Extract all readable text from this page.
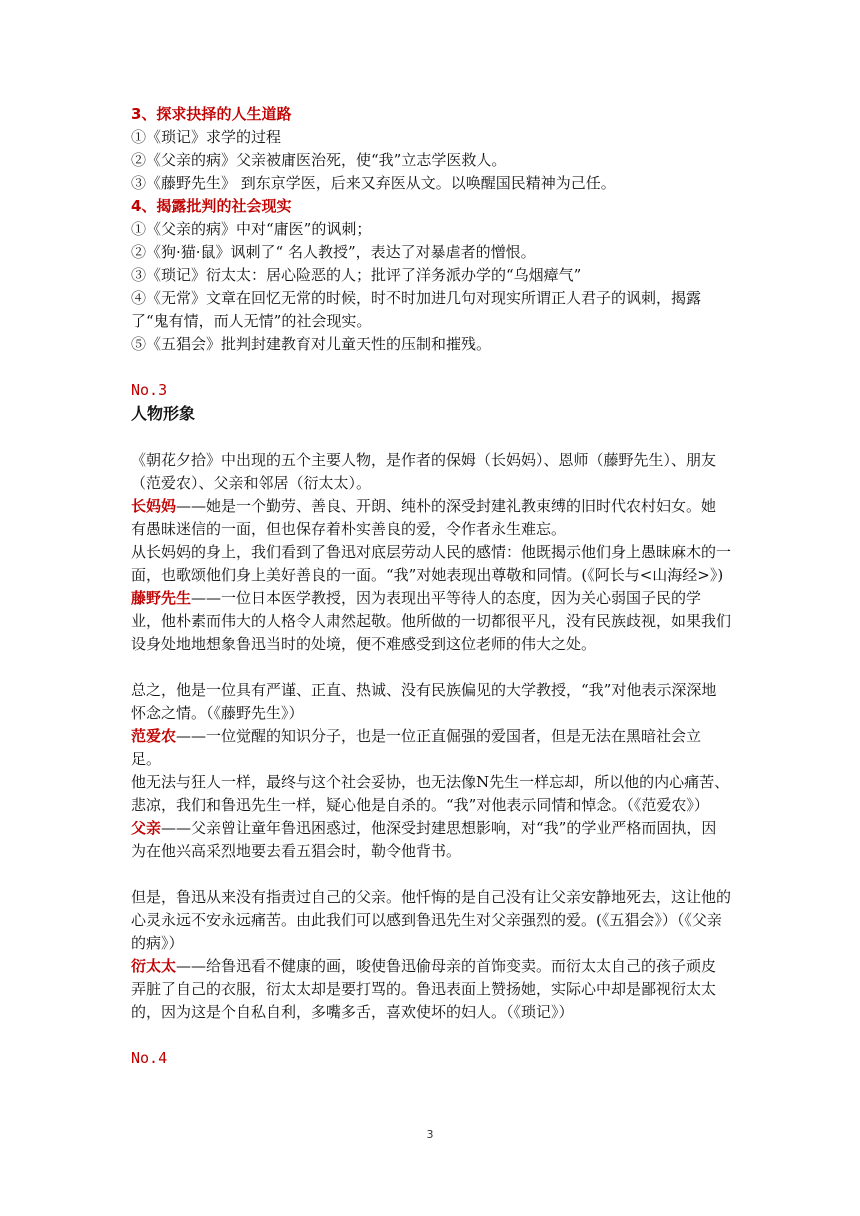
3、探求抉择的人生道路

①《琐记》求学的过程

②《父亲的病》父亲被庸医治死，使“我”立志学医救人。

③《藤野先生》 到东京学医，后来又弃医从文。以唤醒国民精神为己任。

4、揭露批判的社会现实

①《父亲的病》中对“庸医”的讽刺；

②《狗·猫·鼠》讽刺了“ 名人教授”，表达了对暴虐者的憎恨。

③《琐记》衍太太：居心险恶的人；批评了洋务派办学的“乌烟瘴气”

④《无常》文章在回忆无常的时候，时不时加进几句对现实所谓正人君子的讽刺，揭露了“鬼有情，而人无情”的社会现实。

⑤《五猖会》批判封建教育对儿童天性的压制和摧残。

No.3

人物形象

《朝花夕拾》中出现的五个主要人物，是作者的保姆（长妈妈）、恩师（藤野先生）、朋友（范爱农）、父亲和邻居（衍太太）。

长妈妈——她是一个勤劳、善良、开朗、纯朴的深受封建礼教束缚的旧时代农村妇女。她有愚昧迷信的一面，但也保存着朴实善良的爱，令作者永生难忘。

从长妈妈的身上，我们看到了鲁迅对底层劳动人民的感情：他既揭示他们身上愚昧麻木的一面，也歌颂他们身上美好善良的一面。“我”对她表现出尊敬和同情。(《阿长与<山海经>》)

藤野先生——一位日本医学教授，因为表现出平等待人的态度，因为关心弱国子民的学业，他朴素而伟大的人格令人肃然起敬。他所做的一切都很平凡，没有民族歧视，如果我们设身处地地想象鲁迅当时的处境，便不难感受到这位老师的伟大之处。

总之，他是一位具有严谨、正直、热诚、没有民族偏见的大学教授，“我”对他表示深深地怀念之情。（《藤野先生》）

范爱农——一位觉醒的知识分子，也是一位正直倔强的爱国者，但是无法在黑暗社会立足。

他无法与狂人一样，最终与这个社会妥协，也无法像N先生一样忘却，所以他的内心痛苦、悲凉，我们和鲁迅先生一样，疑心他是自杀的。“我”对他表示同情和悼念。（《范爱农》）

父亲——父亲曾让童年鲁迅困惑过，他深受封建思想影响，对“我”的学业严格而固执，因为在他兴高采烈地要去看五猖会时，勒令他背书。

但是，鲁迅从来没有指责过自己的父亲。他忏悔的是自己没有让父亲安静地死去，这让他的心灵永远不安永远痛苦。由此我们可以感到鲁迅先生对父亲强烈的爱。(《五猖会》）（《父亲的病》）

衍太太——给鲁迅看不健康的画，唆使鲁迅偷母亲的首饰变卖。而衍太太自己的孩子顽皮弄脏了自己的衣服，衍太太却是要打骂的。鲁迅表面上赞扬她，实际心中却是鄙视衍太太的，因为这是个自私自利，多嘴多舌，喜欢使坏的妇人。（《琐记》）

No.4

3
